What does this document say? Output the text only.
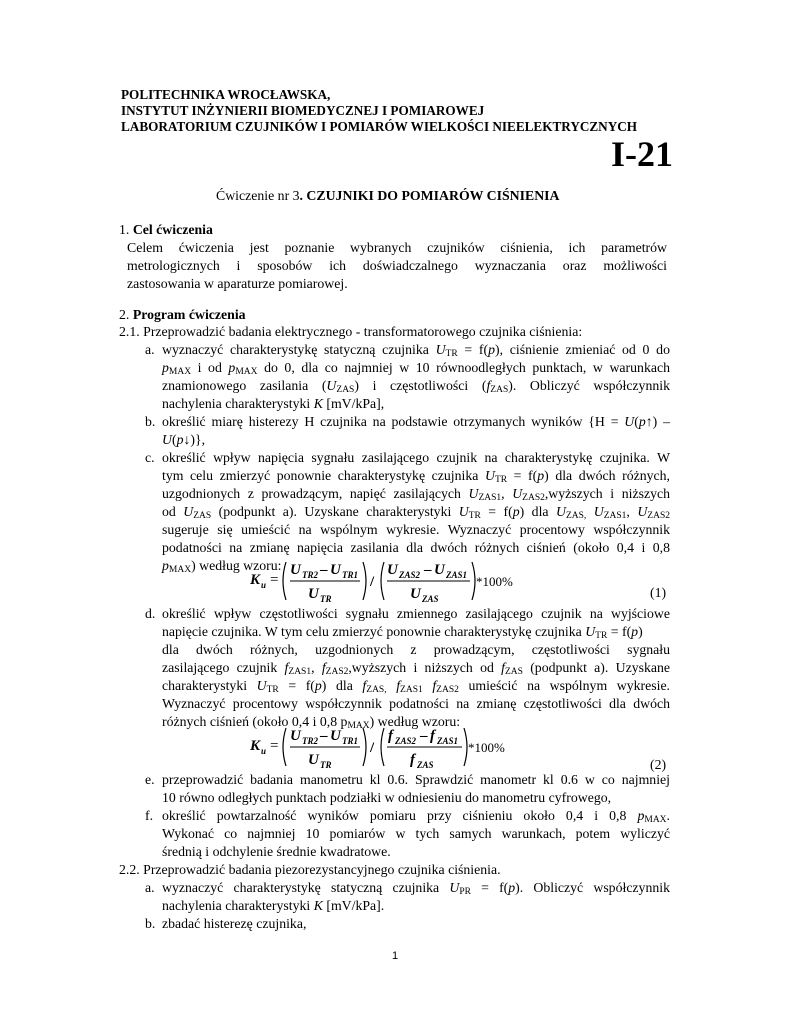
POLITECHNIKA WROCŁAWSKA,
INSTYTUT INŻYNIERII BIOMEDYCZNEJ I POMIAROWEJ
LABORATORIUM CZUJNIKÓW I POMIARÓW WIELKOŚCI NIEELEKTRYCZNYCH
I-21
Ćwiczenie nr 3. CZUJNIKI DO POMIARÓW CIŚNIENIA
1. Cel ćwiczenia
Celem ćwiczenia jest poznanie wybranych czujników ciśnienia, ich parametrów
metrologicznych i sposobów ich doświadczalnego wyznaczania oraz możliwości
zastosowania w aparaturze pomiarowej.
2. Program ćwiczenia
2.1. Przeprowadzić badania elektrycznego - transformatorowego czujnika ciśnienia:
a. wyznaczyć charakterystykę statyczną czujnika $U_{TR} = f(p)$, ciśnienie zmieniać od 0 do
$p_{MAX}$ i od $p_{MAX}$ do 0, dla co najmniej w 10 równoodległych punktach, w warunkach
znamionowego zasilania $(U_{ZAS})$ i częstotliwości $(f_{ZAS})$. Obliczyć współczynnik
nachylenia charakterystyki K [mV/kPa],
b. określić miarę histerezy H czujnika na podstawie otrzymanych wyników {H = U(p↑) –
U(p↓)},
c. określić wpływ napięcia sygnału zasilającego czujnik na charakterystykę czujnika. W
tym celu zmierzyć ponownie charakterystykę czujnika $U_{TR} = f(p)$ dla dwóch różnych,
uzgodnionych z prowadzącym, napięć zasilających $U_{ZAS1}$, $U_{ZAS2},wyższych$ i niższych
od $U_{ZAS}$ (podpunkt a). Uzyskane charakterystyki $U_{TR} = f(p)$ dla $U_{ZAS,}$ $U_{ZAS1}$, $U_{ZAS2}$
sugeruje się umieścić na wspólnym wykresie. Wyznaczyć procentowy współczynnik
podatności na zmianę napięcia zasilania dla dwóch różnych ciśnień (około 0,4 i 0,8
$p_{MAX}$) według wzoru:
K u =
U TR2 – U TR1
U TR
/
U ZAS2 – U ZAS1
U ZAS
*100%
(1)
d. określić wpływ częstotliwości sygnału zmiennego zasilającego czujnik na wyjściowe
napięcie czujnika. W tym celu zmierzyć ponownie charakterystykę czujnika $U_{TR} = f(p)$
dla dwóch różnych, uzgodnionych z prowadzącym, częstotliwości sygnału
zasilającego czujnik $f_{ZAS1}$, $f_{ZAS2},wyższych$ i niższych od $f_{ZAS}$ (podpunkt a). Uzyskane
charakterystyki $U_{TR} = f(p)$ dla $f_{ZAS,}$ $f_{ZAS1}$ $f_{ZAS2}$ umieścić na wspólnym wykresie.
Wyznaczyć procentowy współczynnik podatności na zmianę częstotliwości dla dwóch
różnych ciśnień (około 0,4 i 0,8 $p_{MAX}$) według wzoru:
K u =
U TR2 – U TR1
U TR
/
f ZAS2 – f ZAS1
f ZAS
*100%
(2)
e. przeprowadzić badania manometru kl 0.6. Sprawdzić manometr kl 0.6 w co najmniej
10 równo odległych punktach podziałki w odniesieniu do manometru cyfrowego,
f. określić powtarzalność wyników pomiaru przy ciśnieniu około 0,4 i 0,8 $p_{MAX}$.
Wykonać co najmniej 10 pomiarów w tych samych warunkach, potem wyliczyć
średnią i odchylenie średnie kwadratowe.
2.2. Przeprowadzić badania piezorezystancyjnego czujnika ciśnienia.
a. wyznaczyć charakterystykę statyczną czujnika $U_{PR} = f(p)$. Obliczyć współczynnik
nachylenia charakterystyki K [mV/kPa].
b. zbadać histerezę czujnika,
1
